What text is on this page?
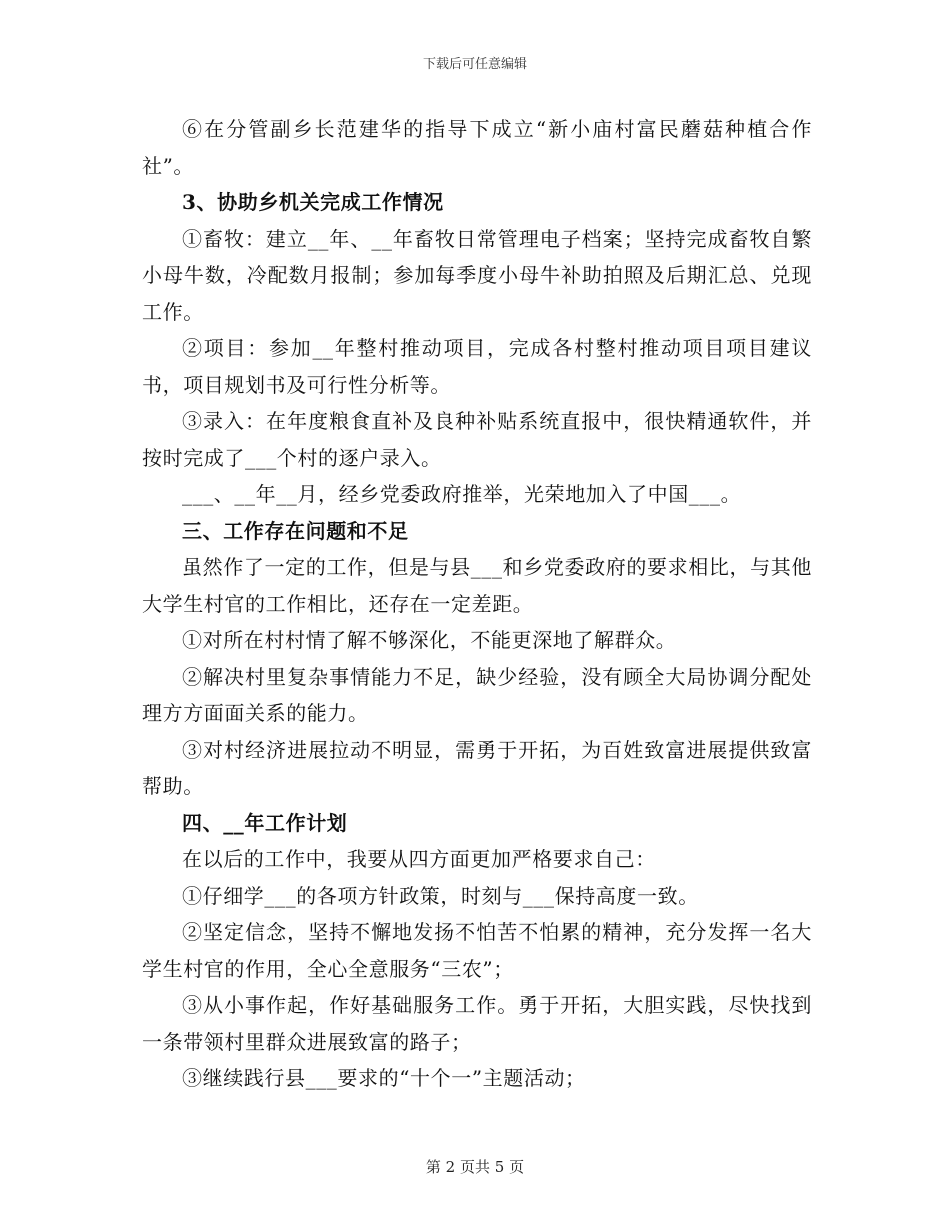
下载后可任意编辑

⑥在分管副乡长范建华的指导下成立“新小庙村富民蘑菇种植合作社”。

3、协助乡机关完成工作情况

①畜牧：建立__年、__年畜牧日常管理电子档案；坚持完成畜牧自繁小母牛数，冷配数月报制；参加每季度小母牛补助拍照及后期汇总、兑现工作。

②项目：参加__年整村推动项目，完成各村整村推动项目项目建议书，项目规划书及可行性分析等。

③录入：在年度粮食直补及良种补贴系统直报中，很快精通软件，并按时完成了___个村的逐户录入。

___、__年__月，经乡党委政府推举，光荣地加入了中国___。

三、工作存在问题和不足

虽然作了一定的工作，但是与县___和乡党委政府的要求相比，与其他大学生村官的工作相比，还存在一定差距。

①对所在村村情了解不够深化，不能更深地了解群众。

②解决村里复杂事情能力不足，缺少经验，没有顾全大局协调分配处理方方面面关系的能力。

③对村经济进展拉动不明显，需勇于开拓，为百姓致富进展提供致富帮助。

四、__年工作计划

在以后的工作中，我要从四方面更加严格要求自己：

①仔细学___的各项方针政策，时刻与___保持高度一致。

②坚定信念，坚持不懈地发扬不怕苦不怕累的精神，充分发挥一名大学生村官的作用，全心全意服务“三农”；

③从小事作起，作好基础服务工作。勇于开拓，大胆实践，尽快找到一条带领村里群众进展致富的路子；

③继续践行县___要求的“十个一”主题活动；

第 2 页共 5 页
